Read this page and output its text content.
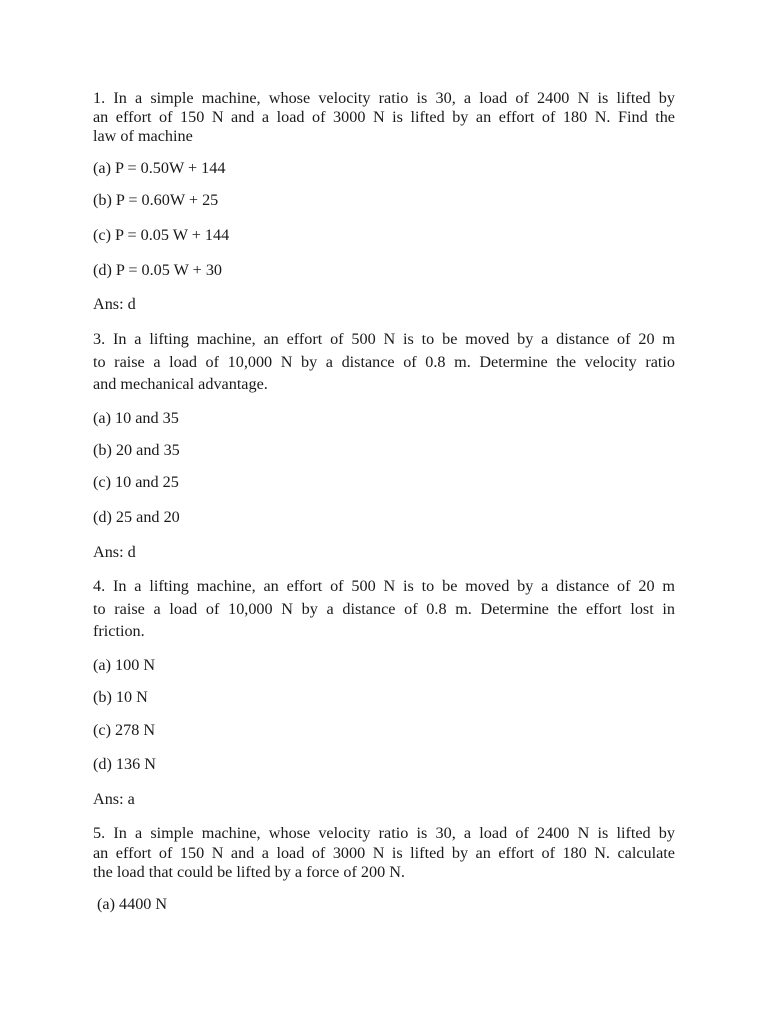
1. In a simple machine, whose velocity ratio is 30, a load of 2400 N is lifted by
an effort of 150 N and a load of 3000 N is lifted by an effort of 180 N. Find the
law of machine
(a) P = 0.50W + 144
(b) P = 0.60W + 25
(c) P = 0.05 W + 144
(d) P = 0.05 W + 30
Ans: d
3. In a lifting machine, an effort of 500 N is to be moved by a distance of 20 m
to raise a load of 10,000 N by a distance of 0.8 m. Determine the velocity ratio
and mechanical advantage.
(a) 10 and 35
(b) 20 and 35
(c) 10 and 25
(d) 25 and 20
Ans: d
4. In a lifting machine, an effort of 500 N is to be moved by a distance of 20 m
to raise a load of 10,000 N by a distance of 0.8 m. Determine the effort lost in
friction.
(a) 100 N
(b) 10 N
(c) 278 N
(d) 136 N
Ans: a
5. In a simple machine, whose velocity ratio is 30, a load of 2400 N is lifted by
an effort of 150 N and a load of 3000 N is lifted by an effort of 180 N. calculate
the load that could be lifted by a force of 200 N.
(a) 4400 N
